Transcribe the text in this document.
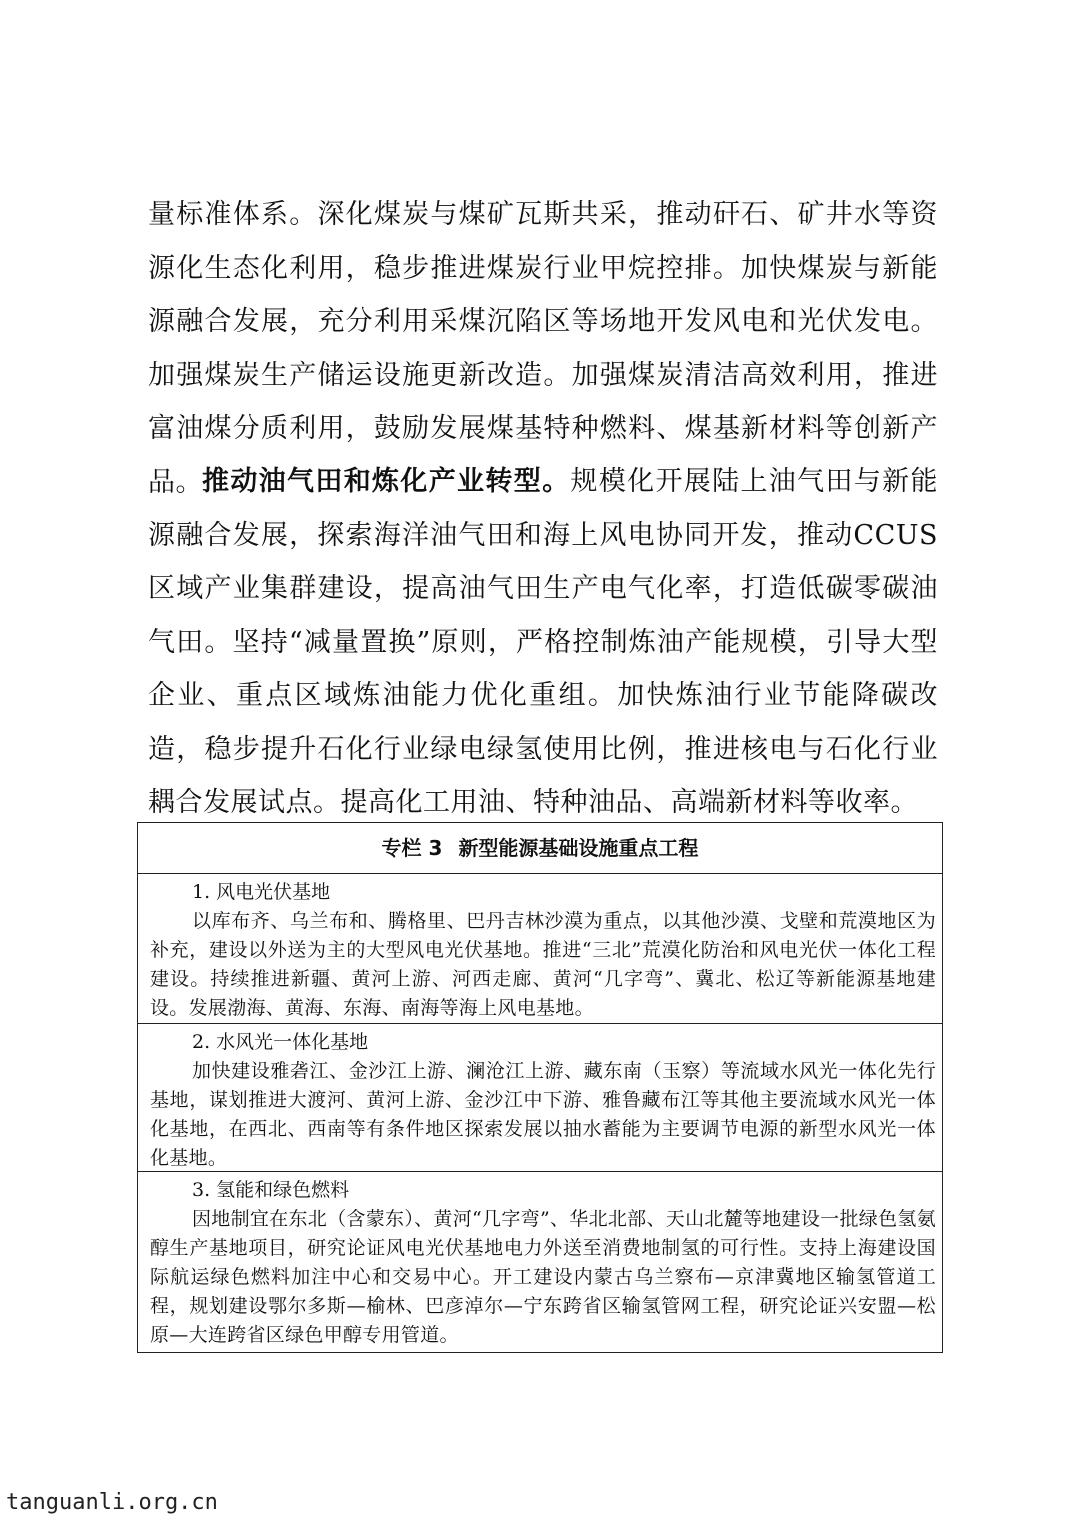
量标准体系。深化煤炭与煤矿瓦斯共采，推动矸石、矿井水等资源化生态化利用，稳步推进煤炭行业甲烷控排。加快煤炭与新能源融合发展，充分利用采煤沉陷区等场地开发风电和光伏发电。加强煤炭生产储运设施更新改造。加强煤炭清洁高效利用，推进富油煤分质利用，鼓励发展煤基特种燃料、煤基新材料等创新产品。 推动油气田和炼化产业转型。规模化开展陆上油气田与新能源融合发展，探索海洋油气田和海上风电协同开发，推动CCUS区域产业集群建设，提高油气田生产电气化率，打造低碳零碳油气田。坚持“减量置换”原则，严格控制炼油产能规模，引导大型企业、重点区域炼油能力优化重组。加快炼油行业节能降碳改造，稳步提升石化行业绿电绿氢使用比例，推进核电与石化行业耦合发展试点。提高化工用油、特种油品、高端新材料等收率。

专栏 3 新型能源基础设施重点工程
1. 风电光伏基地
以库布齐、乌兰布和、腾格里、巴丹吉林沙漠为重点，以其他沙漠、戈壁和荒漠地区为补充，建设以外送为主的大型风电光伏基地。推进“三北”荒漠化防治和风电光伏一体化工程建设。持续推进新疆、黄河上游、河西走廊、黄河“几字弯”、冀北、松辽等新能源基地建设。发展渤海、黄海、东海、南海等海上风电基地。
2. 水风光一体化基地
加快建设雅砻江、金沙江上游、澜沧江上游、藏东南（玉察）等流域水风光一体化先行基地，谋划推进大渡河、黄河上游、金沙江中下游、雅鲁藏布江等其他主要流域水风光一体化基地，在西北、西南等有条件地区探索发展以抽水蓄能为主要调节电源的新型水风光一体化基地。
3. 氢能和绿色燃料
因地制宜在东北（含蒙东）、黄河“几字弯”、华北北部、天山北麓等地建设一批绿色氢氨醇生产基地项目，研究论证风电光伏基地电力外送至消费地制氢的可行性。支持上海建设国际航运绿色燃料加注中心和交易中心。开工建设内蒙古乌兰察布—京津冀地区输氢管道工程，规划建设鄂尔多斯—榆林、巴彦淖尔—宁东跨省区输氢管网工程，研究论证兴安盟—松原—大连跨省区绿色甲醇专用管道。
tanguanli.org.cn
